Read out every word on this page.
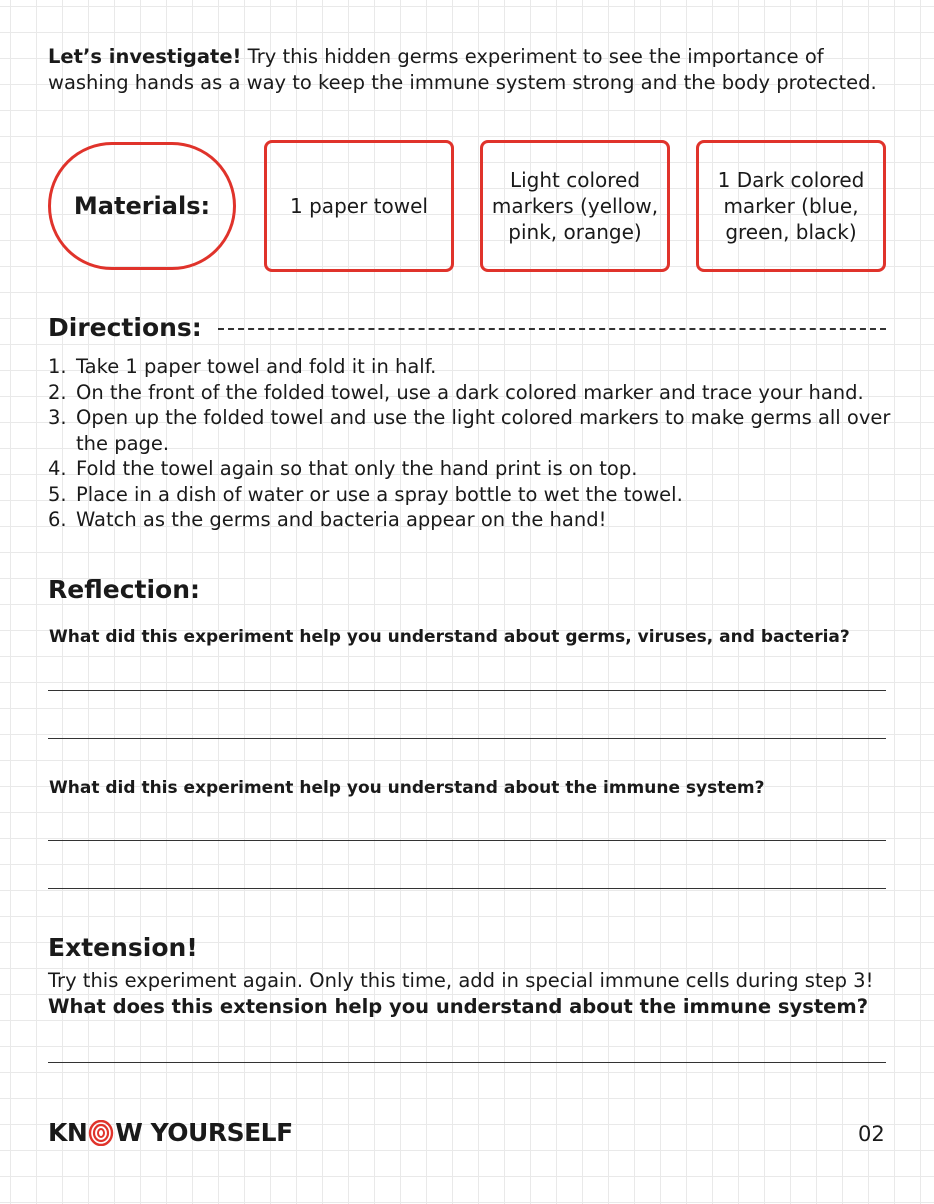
Let’s investigate! Try this hidden germs experiment to see the importance of washing hands as a way to keep the immune system strong and the body protected.
Materials:	1 paper towel
Light colored markers (yellow, pink, orange)
1 Dark colored marker (blue, green, black)
Directions:
1. Take 1 paper towel and fold it in half.
2. On the front of the folded towel, use a dark colored marker and trace your hand.
3. Open up the folded towel and use the light colored markers to make germs all over the page.
4. Fold the towel again so that only the hand print is on top.
5. Place in a dish of water or use a spray bottle to wet the towel.
6. Watch as the germs and bacteria appear on the hand!
Reflection:
What did this experiment help you understand about germs, viruses, and bacteria?
What did this experiment help you understand about the immune system?
Extension!
Try this experiment again. Only this time, add in special immune cells during step 3!
What does this extension help you understand about the immune system?
KN W YOURSELF	02
